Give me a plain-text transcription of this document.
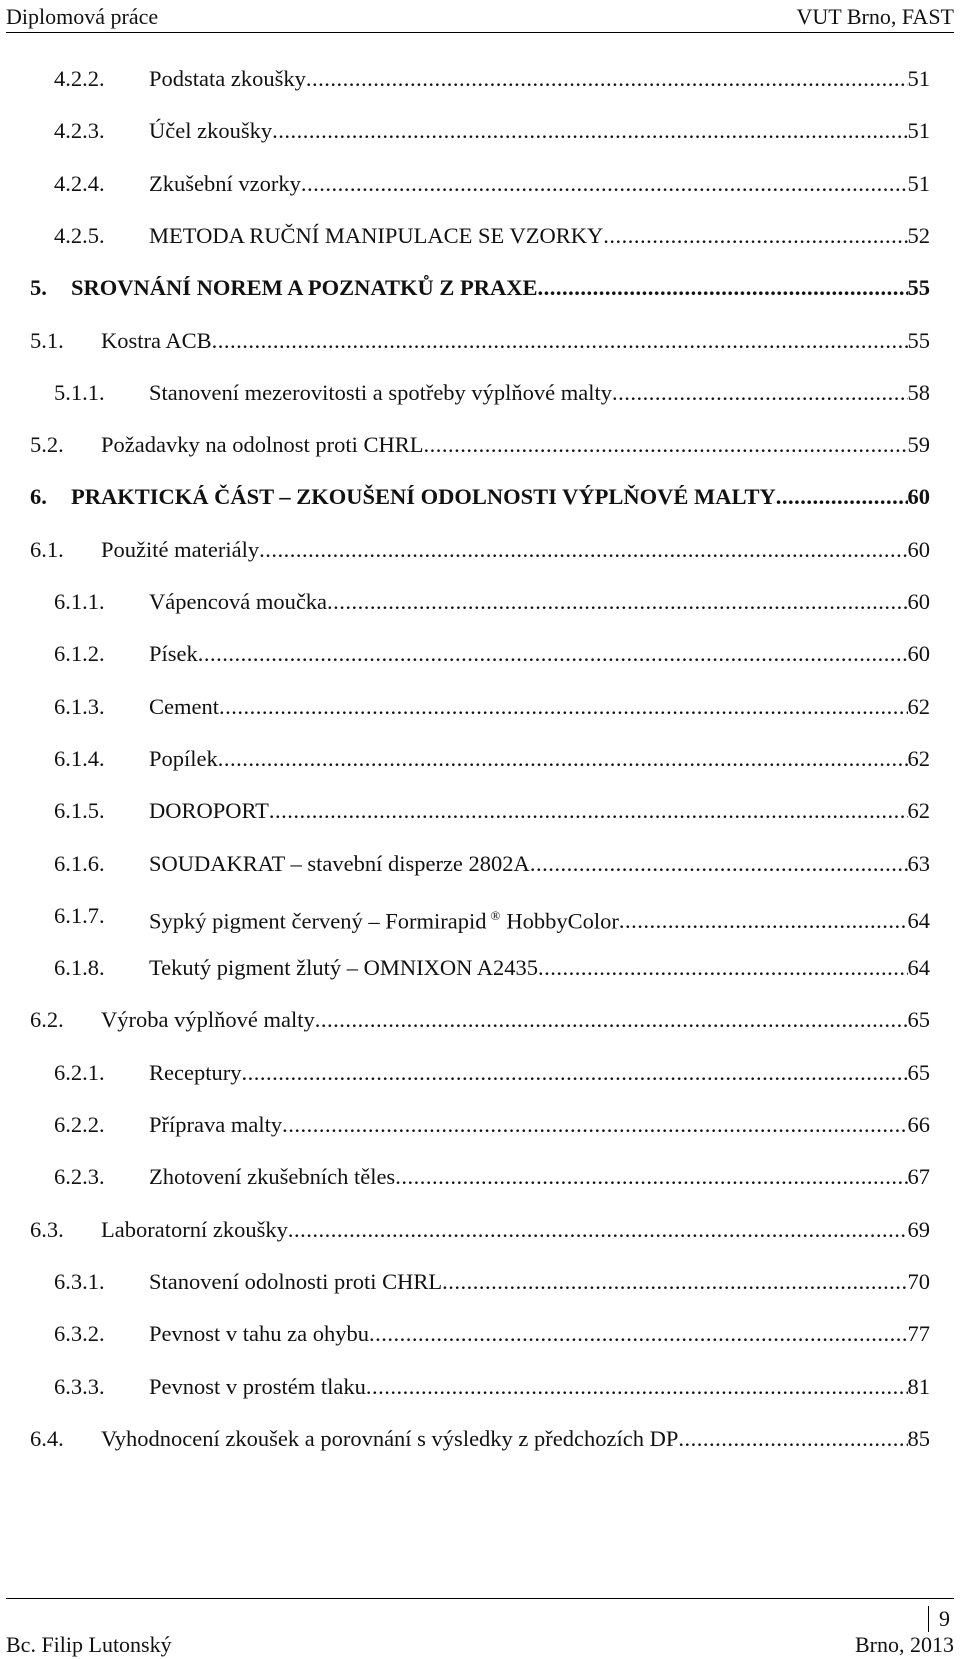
Diplomová práce	VUT Brno, FAST
4.2.2. Podstata zkoušky .....	51
4.2.3. Účel zkoušky .....	51
4.2.4. Zkušební vzorky .....	51
4.2.5. METODA RUČNÍ MANIPULACE SE VZORKY .....	52
5. SROVNÁNÍ NOREM A POZNATKŮ Z PRAXE .....	55
5.1. Kostra ACB .....	55
5.1.1. Stanovení mezerovitosti a spotřeby výplňové malty .....	58
5.2. Požadavky na odolnost proti CHRL .....	59
6. PRAKTICKÁ ČÁST – ZKOUŠENÍ ODOLNOSTI VÝPLŇOVÉ MALTY .....	60
6.1. Použité materiály .....	60
6.1.1. Vápencová moučka .....	60
6.1.2. Písek .....	60
6.1.3. Cement .....	62
6.1.4. Popílek .....	62
6.1.5. DOROPORT .....	62
6.1.6. SOUDAKRAT – stavební disperze 2802A .....	63
6.1.7. Sypký pigment červený – Formirapid ® HobbyColor .....	64
6.1.8. Tekutý pigment žlutý – OMNIXON A2435 .....	64
6.2. Výroba výplňové malty .....	65
6.2.1. Receptury .....	65
6.2.2. Příprava malty .....	66
6.2.3. Zhotovení zkušebních těles .....	67
6.3. Laboratorní zkoušky .....	69
6.3.1. Stanovení odolnosti proti CHRL .....	70
6.3.2. Pevnost v tahu za ohybu .....	77
6.3.3. Pevnost v prostém tlaku .....	81
6.4. Vyhodnocení zkoušek a porovnání s výsledky z předchozích DP .....	85
9
Bc. Filip Lutonský	Brno, 2013
